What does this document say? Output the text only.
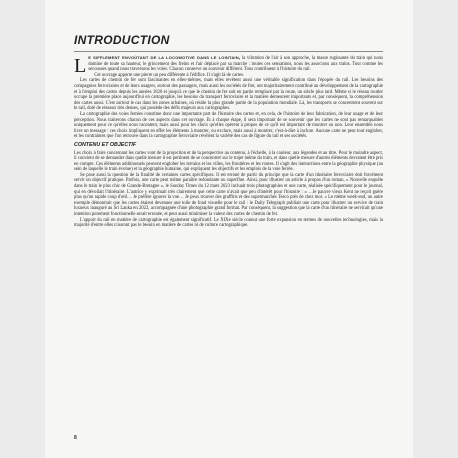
INTRODUCTION

Le sifflement envoûtant de la locomotive dans le lointain, la vibration de l'air à son approche, la masse rugissante du train qui nous domine de toute sa hauteur, le grincement des freins et l'air déplacé par sa marche : toutes ces sensations, nous les associons aux trains. Tout comme les secousses quand nous traversons les voies. Chacun conserve un souvenir différent. Tous contribuent à l'histoire du rail.

Cet ouvrage apporte une pierre un peu différente à l'édifice. Il s'agit là de cartes.

Les cartes de chemin de fer sont fascinantes en elles-mêmes, mais elles revêtent aussi une véritable signification dans l'épopée du rail. Les besoins des compagnies ferroviaires et de leurs usagers, surtout des passagers, mais aussi les sociétés de fret, ont majoritairement contribué au développement de la cartographie et à l'emploi des cartes depuis les années 1820 et jusqu'à ce que le chemin de fer soit en partie remplacé par la route, un siècle plus tard. Même si le réseau routier occupe la première place aujourd'hui en cartographie, les besoins du transport ferroviaire et la matière demeurent importants et, par conséquent, la compréhension des cartes aussi. C'est surtout le cas dans les zones urbaines, où réside la plus grande partie de la population mondiale. Là, les transports se concentrent souvent sur le rail, doté de réseaux très denses, qui possède des défis majeurs aux cartographes.

La cartographie des voies ferrées constitue donc une importante part de l'histoire des cartes et, en cela, de l'histoire de leur fabrication, de leur usage et de leur perception. Nous traiterons chacun de ces aspects dans cet ouvrage. Et à chaque étape, il sera important de se souvenir que les cartes ne sont pas remarquables uniquement pour ce qu'elles nous racontent, mais aussi pour les choix qu'elles opèrent à propos de ce qu'il est important de montrer ou non. Leur ensemble nous livre un message : ces choix impliquent en effet les éléments à montrer, ou exclure, mais aussi à montrer, c'est-à-dire à inclure. Aucune carte ne peut tout englober, et les contraintes que l'on retrouve dans la cartographie ferroviaire révèlent la variété des cas de figure du rail et ses sociétés.

CONTENU ET OBJECTIF

Les choix à faire concernant les cartes vont de la projection et de la perspective au contenu, à l'échelle, à la couleur, aux légendes et au titre. Pour le moindre aspect, il convient de se demander dans quelle mesure il est pertinent de se concentrer sur le trajet même du train, et dans quelle mesure d'autres éléments devraient être pris en compte. Ces éléments additionnels peuvent englober les terrains et les villes, les frontières et les routes. Il s'agit des interactions entre la géographie physique (au sein de laquelle le train évolue) et la géographie humaine, qui expliquent les objectifs et les emplois de la voie ferrée.

Se pose aussi la question de la finalité de certaines cartes spécifiques. Il est erroné de partir du principe que la carte d'un itinéraire ferroviaire doit forcément servir un objectif pratique. Parfois, une carte peut même paraître redondante ou superflue. Ainsi, pour illustrer un article à propos d'un roman, « Nouvelle enquête dans le train le plus chic de Grande-Bretagne », le Sunday Times du 12 mars 2023 incluait trois photographies et une carte, réalisée spécifiquement pour le journal, qui en dévoilait l'itinéraire. L'autrice y exprimait très clairement que cette carte n'avait que peu d'intérêt pour l'histoire : « …le pauvre vieux Kent ne reçoit guère plus qu'un rapide coup d'œil… Je préfère ignorer la vue… Je peux trouver des graffitis et des supermarchés Tesco près de chez moi. » Le même week-end, un autre exemple démontrait que les cartes étaient devenues une toile de fond visuelle pour le rail : le Daily Telegraph publiait une carte pour illustrer un service de train luxueux inauguré au Sri Lanka en 2022, accompagnée d'une photographie grand format. Par conséquent, la suggestion que la carte d'un itinéraire ne servirait qu'une intention purement fonctionnelle serait erronée, et peut aussi minimiser la valeur des cartes de chemin de fer.

L'apport du rail en matière de cartographie est également significatif. Le XIXe siècle connut une forte expansion en termes de nouvelles technologies, mais la majorité d'entre elles n'auront pas le besoin en matière de cartes ni de culture cartographique.

8
